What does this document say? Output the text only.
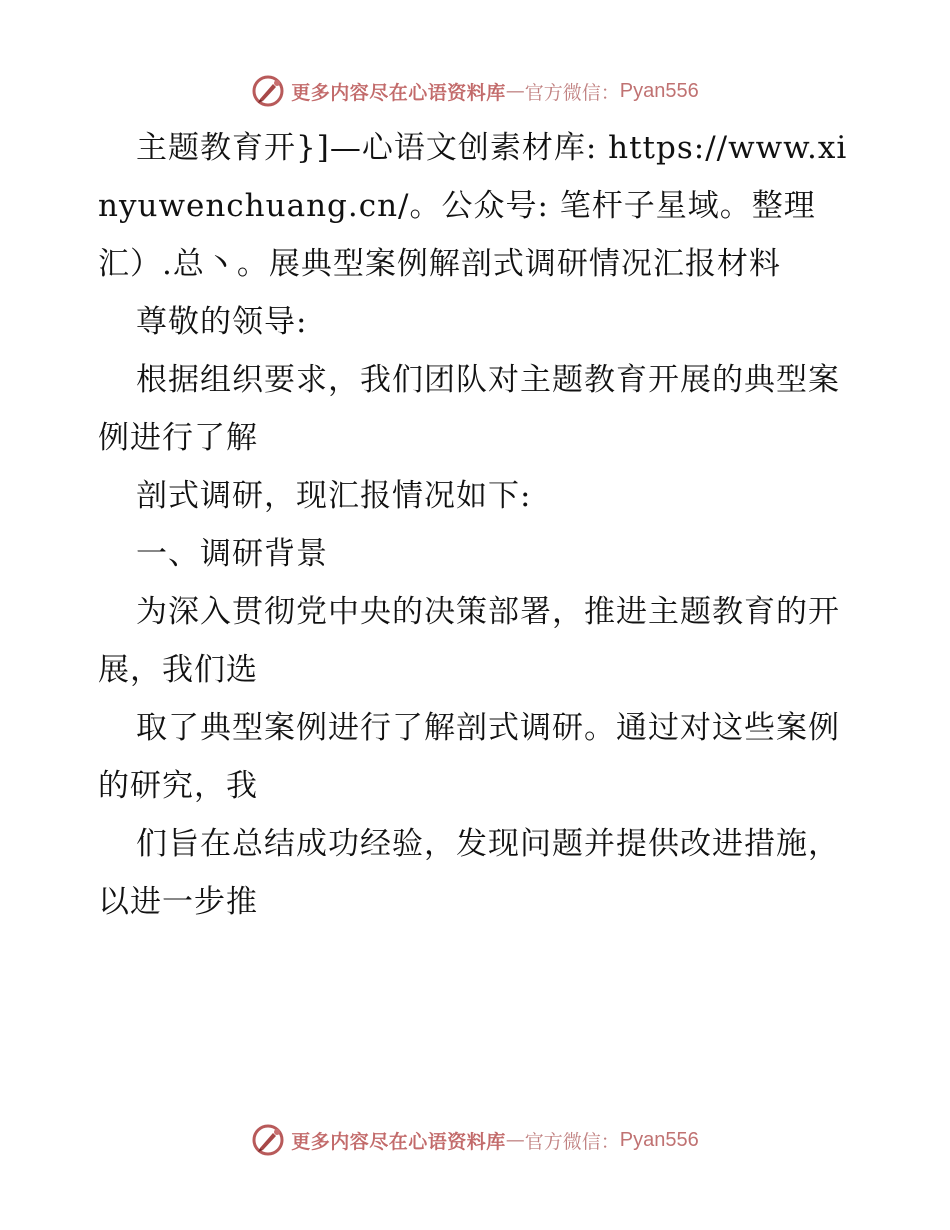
更多内容尽在心语资料库 — 官方微信： Pyan556

主题教育开}]—心语文创素材库: https://www.xinyuwenchuang.cn/。公众号: 笔杆子星域。整理汇）.总丶。展典型案例解剖式调研情况汇报材料

尊敬的领导:

根据组织要求，我们团队对主题教育开展的典型案例进行了解

剖式调研，现汇报情况如下:

一、调研背景

为深入贯彻党中央的决策部署，推进主题教育的开展，我们选

取了典型案例进行了解剖式调研。通过对这些案例的研究，我

们旨在总结成功经验，发现问题并提供改进措施，以进一步推

更多内容尽在心语资料库 — 官方微信： Pyan556
